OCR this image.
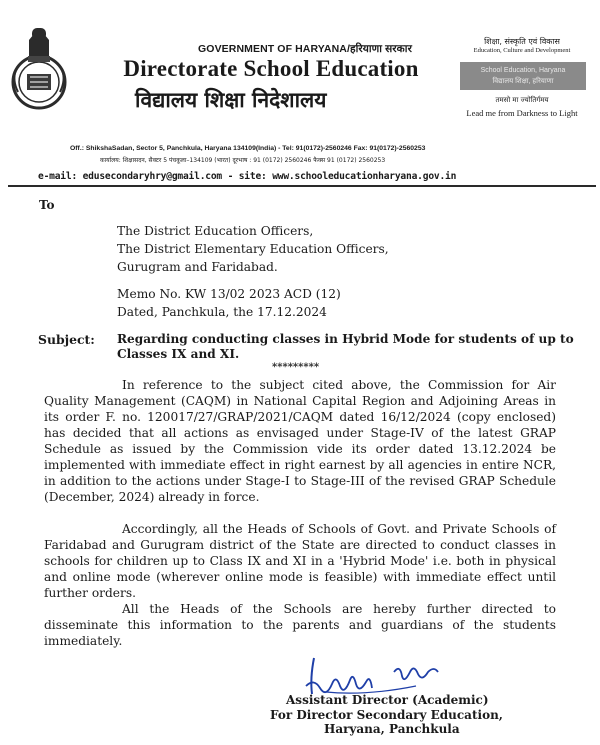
GOVERNMENT OF HARYANA/हरियाणा सरकार
Directorate School Education
विद्यालय शिक्षा निदेशालय
शिक्षा, संस्कृति एवं विकास
Education, Culture and Development
School Education, Haryana
विद्यालय शिक्षा, हरियाणा
तमसो मा ज्योतिर्गमय
Lead me from Darkness to Light
Off.: ShikshaSadan, Sector 5, Panchkula, Haryana 134109(India) - Tel: 91(0172)-2560246 Fax: 91(0172)-2560253
कार्यालय: शिक्षासदन, सैक्टर 5 पंचकूला–134109 (भारत) दूरभाष : 91 (0172) 2560246 फैक्स 91 (0172) 2560253
e-mail: edusecondaryhry@gmail.com - site: www.schooleducationharyana.gov.in
To
The District Education Officers,
The District Elementary Education Officers,
Gurugram and Faridabad.
Memo No. KW 13/02 2023 ACD (12)
Dated, Panchkula, the 17.12.2024
Subject: Regarding conducting classes in Hybrid Mode for students of up to Classes IX and XI.
*********

In reference to the subject cited above, the Commission for Air Quality Management (CAQM) in National Capital Region and Adjoining Areas in its order F. no. 120017/27/GRAP/2021/CAQM dated 16/12/2024 (copy enclosed) has decided that all actions as envisaged under Stage-IV of the latest GRAP Schedule as issued by the Commission vide its order dated 13.12.2024 be implemented with immediate effect in right earnest by all agencies in entire NCR, in addition to the actions under Stage-I to Stage-III of the revised GRAP Schedule (December, 2024) already in force.

Accordingly, all the Heads of Schools of Govt. and Private Schools of Faridabad and Gurugram district of the State are directed to conduct classes in schools for children up to Class IX and XI in a 'Hybrid Mode' i.e. both in physical and online mode (wherever online mode is feasible) with immediate effect until further orders.

All the Heads of the Schools are hereby further directed to disseminate this information to the parents and guardians of the students immediately.

Assistant Director (Academic)
For Director Secondary Education,
Haryana, Panchkula
